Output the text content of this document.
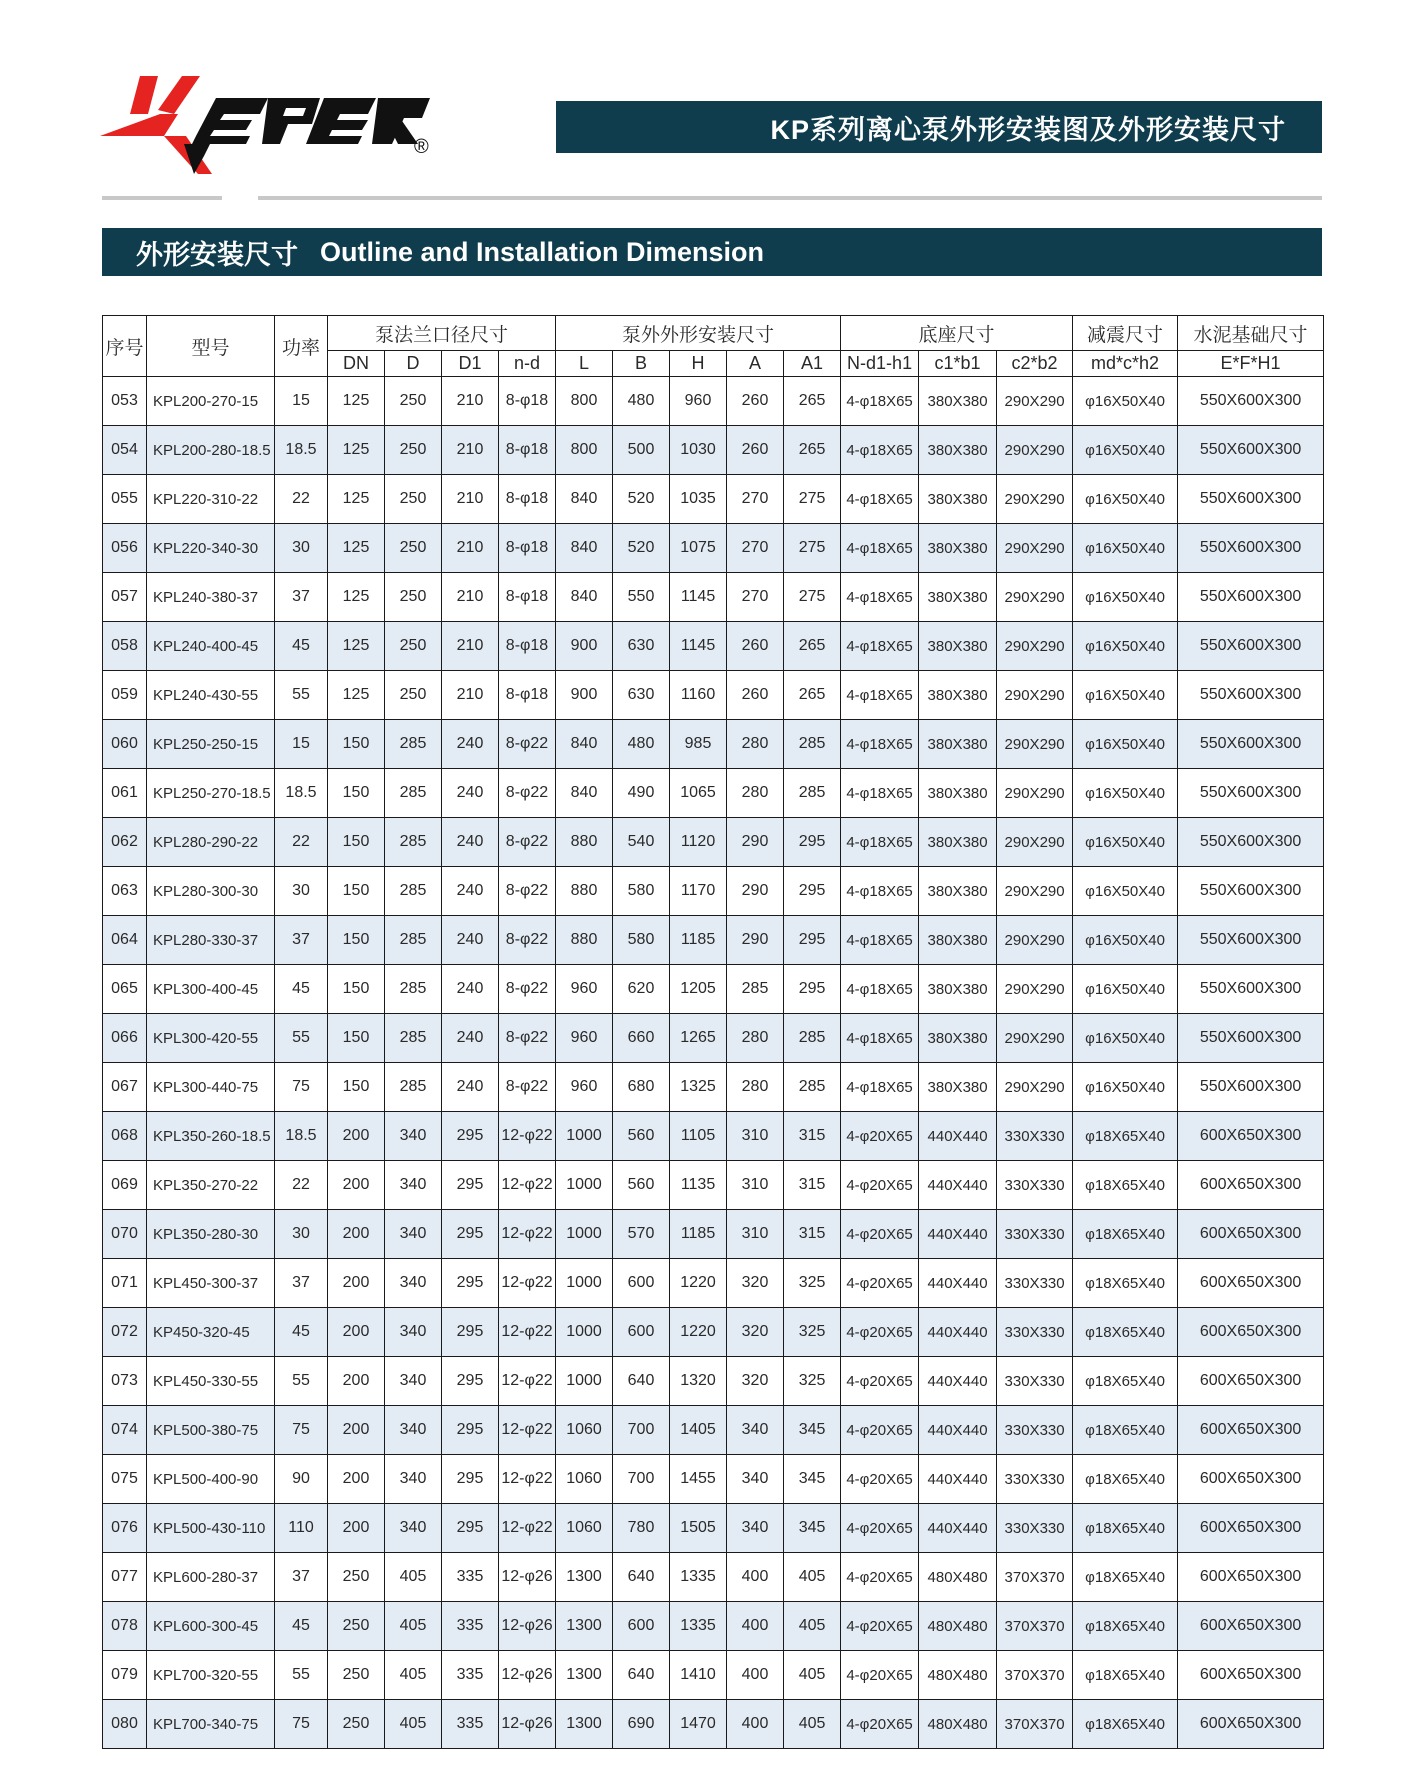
®
KP系列离心泵外形安装图及外形安装尺寸
外形安装尺寸 Outline and Installation Dimension
序号	型号	功率	泵法兰口径尺寸				泵外外形安装尺寸					底座尺寸			减震尺寸	水泥基础尺寸
			DN	D	D1	n-d	L	B	H	A	A1	N-d1-h1	c1*b1	c2*b2	md*c*h2	E*F*H1
053	KPL200-270-15	15	125	250	210	8-φ18	800	480	960	260	265	4-φ18X65	380X380	290X290	φ16X50X40	550X600X300
054	KPL200-280-18.5	18.5	125	250	210	8-φ18	800	500	1030	260	265	4-φ18X65	380X380	290X290	φ16X50X40	550X600X300
055	KPL220-310-22	22	125	250	210	8-φ18	840	520	1035	270	275	4-φ18X65	380X380	290X290	φ16X50X40	550X600X300
056	KPL220-340-30	30	125	250	210	8-φ18	840	520	1075	270	275	4-φ18X65	380X380	290X290	φ16X50X40	550X600X300
057	KPL240-380-37	37	125	250	210	8-φ18	840	550	1145	270	275	4-φ18X65	380X380	290X290	φ16X50X40	550X600X300
058	KPL240-400-45	45	125	250	210	8-φ18	900	630	1145	260	265	4-φ18X65	380X380	290X290	φ16X50X40	550X600X300
059	KPL240-430-55	55	125	250	210	8-φ18	900	630	1160	260	265	4-φ18X65	380X380	290X290	φ16X50X40	550X600X300
060	KPL250-250-15	15	150	285	240	8-φ22	840	480	985	280	285	4-φ18X65	380X380	290X290	φ16X50X40	550X600X300
061	KPL250-270-18.5	18.5	150	285	240	8-φ22	840	490	1065	280	285	4-φ18X65	380X380	290X290	φ16X50X40	550X600X300
062	KPL280-290-22	22	150	285	240	8-φ22	880	540	1120	290	295	4-φ18X65	380X380	290X290	φ16X50X40	550X600X300
063	KPL280-300-30	30	150	285	240	8-φ22	880	580	1170	290	295	4-φ18X65	380X380	290X290	φ16X50X40	550X600X300
064	KPL280-330-37	37	150	285	240	8-φ22	880	580	1185	290	295	4-φ18X65	380X380	290X290	φ16X50X40	550X600X300
065	KPL300-400-45	45	150	285	240	8-φ22	960	620	1205	285	295	4-φ18X65	380X380	290X290	φ16X50X40	550X600X300
066	KPL300-420-55	55	150	285	240	8-φ22	960	660	1265	280	285	4-φ18X65	380X380	290X290	φ16X50X40	550X600X300
067	KPL300-440-75	75	150	285	240	8-φ22	960	680	1325	280	285	4-φ18X65	380X380	290X290	φ16X50X40	550X600X300
068	KPL350-260-18.5	18.5	200	340	295	12-φ22	1000	560	1105	310	315	4-φ20X65	440X440	330X330	φ18X65X40	600X650X300
069	KPL350-270-22	22	200	340	295	12-φ22	1000	560	1135	310	315	4-φ20X65	440X440	330X330	φ18X65X40	600X650X300
070	KPL350-280-30	30	200	340	295	12-φ22	1000	570	1185	310	315	4-φ20X65	440X440	330X330	φ18X65X40	600X650X300
071	KPL450-300-37	37	200	340	295	12-φ22	1000	600	1220	320	325	4-φ20X65	440X440	330X330	φ18X65X40	600X650X300
072	KP450-320-45	45	200	340	295	12-φ22	1000	600	1220	320	325	4-φ20X65	440X440	330X330	φ18X65X40	600X650X300
073	KPL450-330-55	55	200	340	295	12-φ22	1000	640	1320	320	325	4-φ20X65	440X440	330X330	φ18X65X40	600X650X300
074	KPL500-380-75	75	200	340	295	12-φ22	1060	700	1405	340	345	4-φ20X65	440X440	330X330	φ18X65X40	600X650X300
075	KPL500-400-90	90	200	340	295	12-φ22	1060	700	1455	340	345	4-φ20X65	440X440	330X330	φ18X65X40	600X650X300
076	KPL500-430-110	110	200	340	295	12-φ22	1060	780	1505	340	345	4-φ20X65	440X440	330X330	φ18X65X40	600X650X300
077	KPL600-280-37	37	250	405	335	12-φ26	1300	640	1335	400	405	4-φ20X65	480X480	370X370	φ18X65X40	600X650X300
078	KPL600-300-45	45	250	405	335	12-φ26	1300	600	1335	400	405	4-φ20X65	480X480	370X370	φ18X65X40	600X650X300
079	KPL700-320-55	55	250	405	335	12-φ26	1300	640	1410	400	405	4-φ20X65	480X480	370X370	φ18X65X40	600X650X300
080	KPL700-340-75	75	250	405	335	12-φ26	1300	690	1470	400	405	4-φ20X65	480X480	370X370	φ18X65X40	600X650X300
